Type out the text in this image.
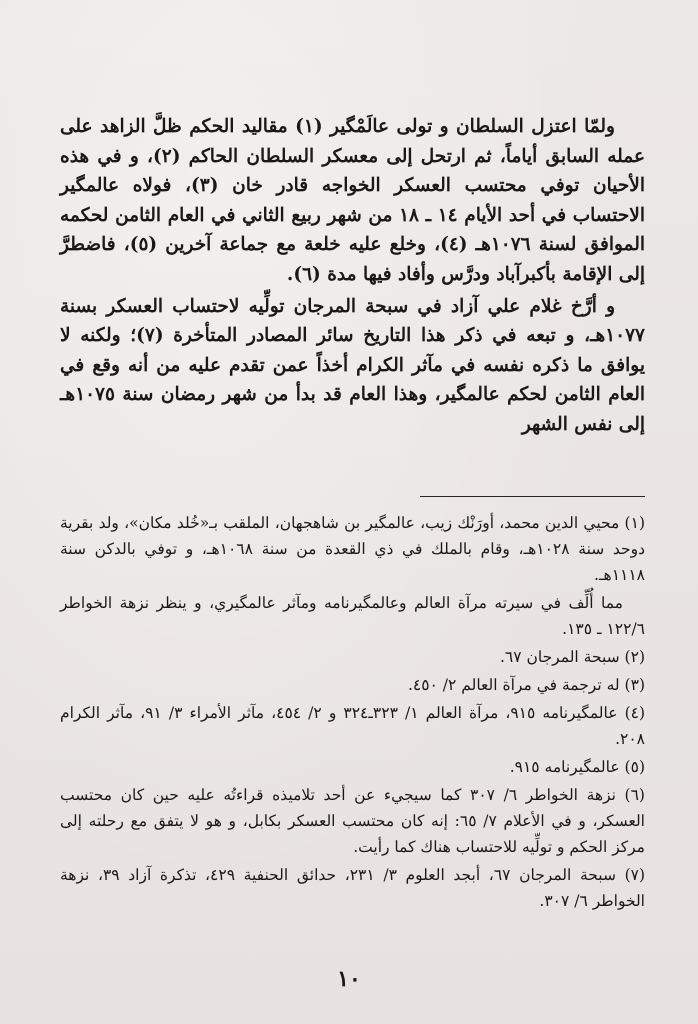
ولمّا اعتزل السلطان و تولى عالَمْگير (١) مقاليد الحكم ظلَّ الزاهد على عمله السابق أياماً، ثم ارتحل إلى معسكر السلطان الحاكم (٢)، و في هذه الأحيان توفي محتسب العسكر الخواجه قادر خان (٣)، فولاه عالمگير الاحتساب في أحد الأيام ١٤ ـ ١٨ من شهر ربيع الثاني في العام الثامن لحكمه الموافق لسنة ١٠٧٦هـ (٤)، وخلع عليه خلعة مع جماعة آخرين (٥)، فاضطرَّ إلى الإقامة بأكبرآباد ودرَّس وأفاد فيها مدة (٦).

و أرَّخ غلام علي آزاد في سبحة المرجان تولِّيه لاحتساب العسكر بسنة ١٠٧٧هـ، و تبعه في ذكر هذا التاريخ سائر المصادر المتأخرة (٧)؛ ولكنه لا يوافق ما ذكره نفسه في مآثر الكرام أخذاً عمن تقدم عليه من أنه وقع في العام الثامن لحكم عالمگير، وهذا العام قد بدأ من شهر رمضان سنة ١٠٧٥هـ إلى نفس الشهر

(١) محيي الدين محمد، أورَنْك زيب، عالمگير بن شاهجهان، الملقب بـ«خُلد مكان»، ولد بقرية دوحد سنة ١٠٢٨هـ، وقام بالملك في ذي القعدة من سنة ١٠٦٨هـ، و توفي بالدكن سنة ١١١٨هـ.

مما أُلِّف في سيرته مرآة العالم وعالمگيرنامه ومآثر عالمگيري، و ينظر نزهة الخواطر ١٢٢/٦ ـ ١٣٥.

(٢) سبحة المرجان ٦٧.

(٣) له ترجمة في مرآة العالم ٢/ ٤٥٠.

(٤) عالمگيرنامه ٩١٥، مرآة العالم ١/ ٣٢٣ـ٣٢٤ و ٢/ ٤٥٤، مآثر الأمراء ٣/ ٩١، مآثر الكرام ٢٠٨.

(٥) عالمگيرنامه ٩١٥.

(٦) نزهة الخواطر ٦/ ٣٠٧ كما سيجيء عن أحد تلاميذه قراءتُه عليه حين كان محتسب العسكر، و في الأعلام ٧/ ٦٥: إنه كان محتسب العسكر بكابل، و هو لا يتفق مع رحلته إلى مركز الحكم و تولِّيه للاحتساب هناك كما رأيت.

(٧) سبحة المرجان ٦٧، أبجد العلوم ٣/ ٢٣١، حدائق الحنفية ٤٢٩، تذكرة آزاد ٣٩، نزهة الخواطر ٦/ ٣٠٧.

١٠
